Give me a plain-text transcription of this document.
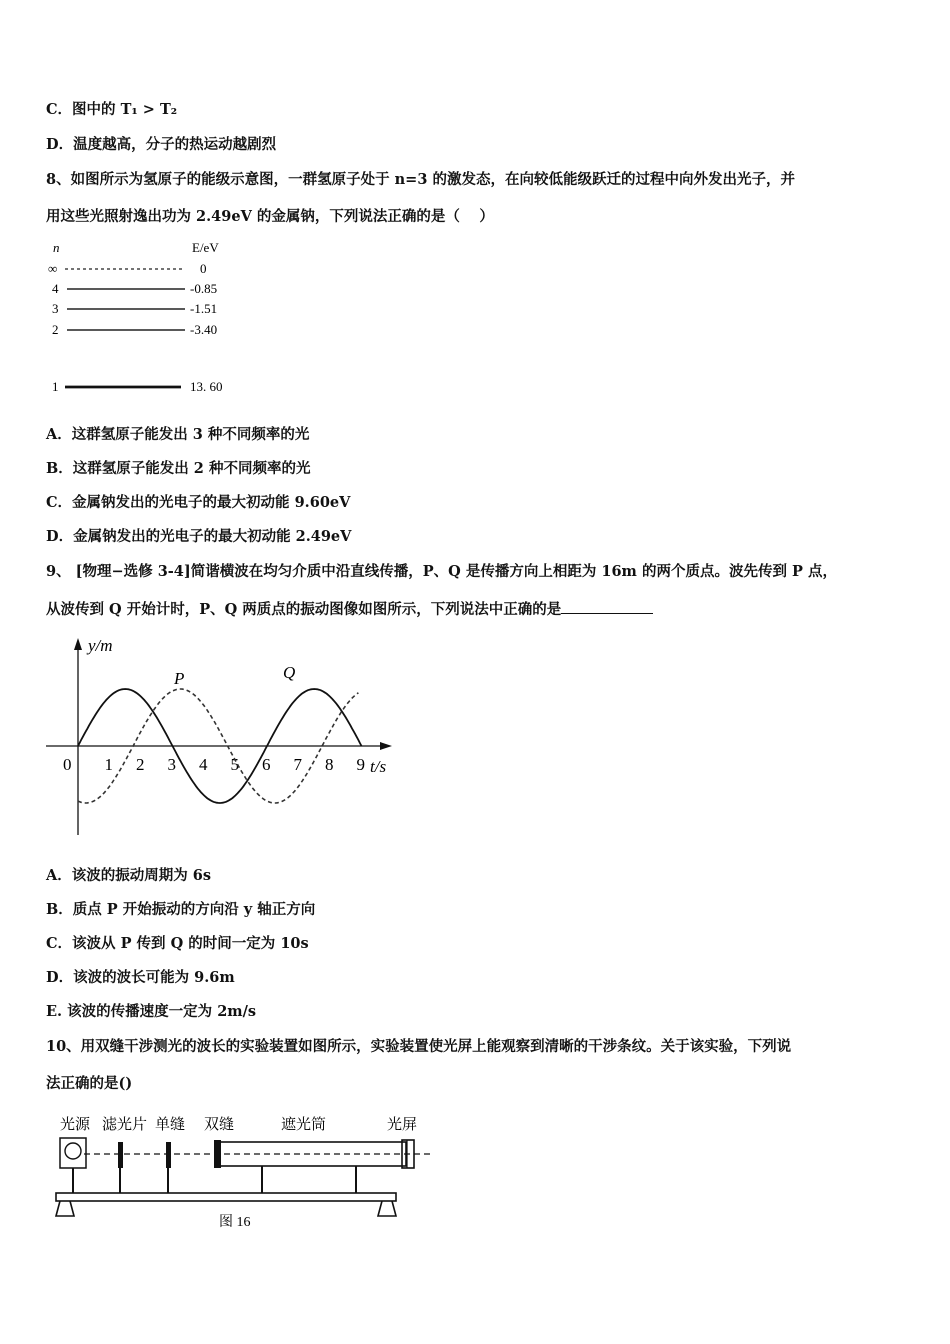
C．图中的 T₁ > T₂
D．温度越高，分子的热运动越剧烈
8、如图所示为氢原子的能级示意图，一群氢原子处于 n=3 的激发态，在向较低能级跃迁的过程中向外发出光子，并
用这些光照射逸出功为 2.49eV 的金属钠，下列说法正确的是（　 ）
n	E/eV
∞	0
4	-0.85
3	-1.51
2	-3.40
1	13. 60
A．这群氢原子能发出 3 种不同频率的光
B．这群氢原子能发出 2 种不同频率的光
C．金属钠发出的光电子的最大初动能 9.60eV
D．金属钠发出的光电子的最大初动能 2.49eV
9、 [物理−选修 3-4]简谐横波在均匀介质中沿直线传播，P、Q 是传播方向上相距为 16m 的两个质点。波先传到 P 点，
从波传到 Q 开始计时，P、Q 两质点的振动图像如图所示，下列说法中正确的是
y/m
t/s
0 1 2 3 4 5 6 7 8 9
P	Q
A．该波的振动周期为 6s
B．质点 P 开始振动的方向沿 y 轴正方向
C．该波从 P 传到 Q 的时间一定为 10s
D．该波的波长可能为 9.6m
E. 该波的传播速度一定为 2m/s
10、用双缝干涉测光的波长的实验装置如图所示，实验装置使光屏上能观察到清晰的干涉条纹。关于该实验，下列说
法正确的是()
光源 滤光片 单缝 双缝	遮光筒	光屏
图 16
